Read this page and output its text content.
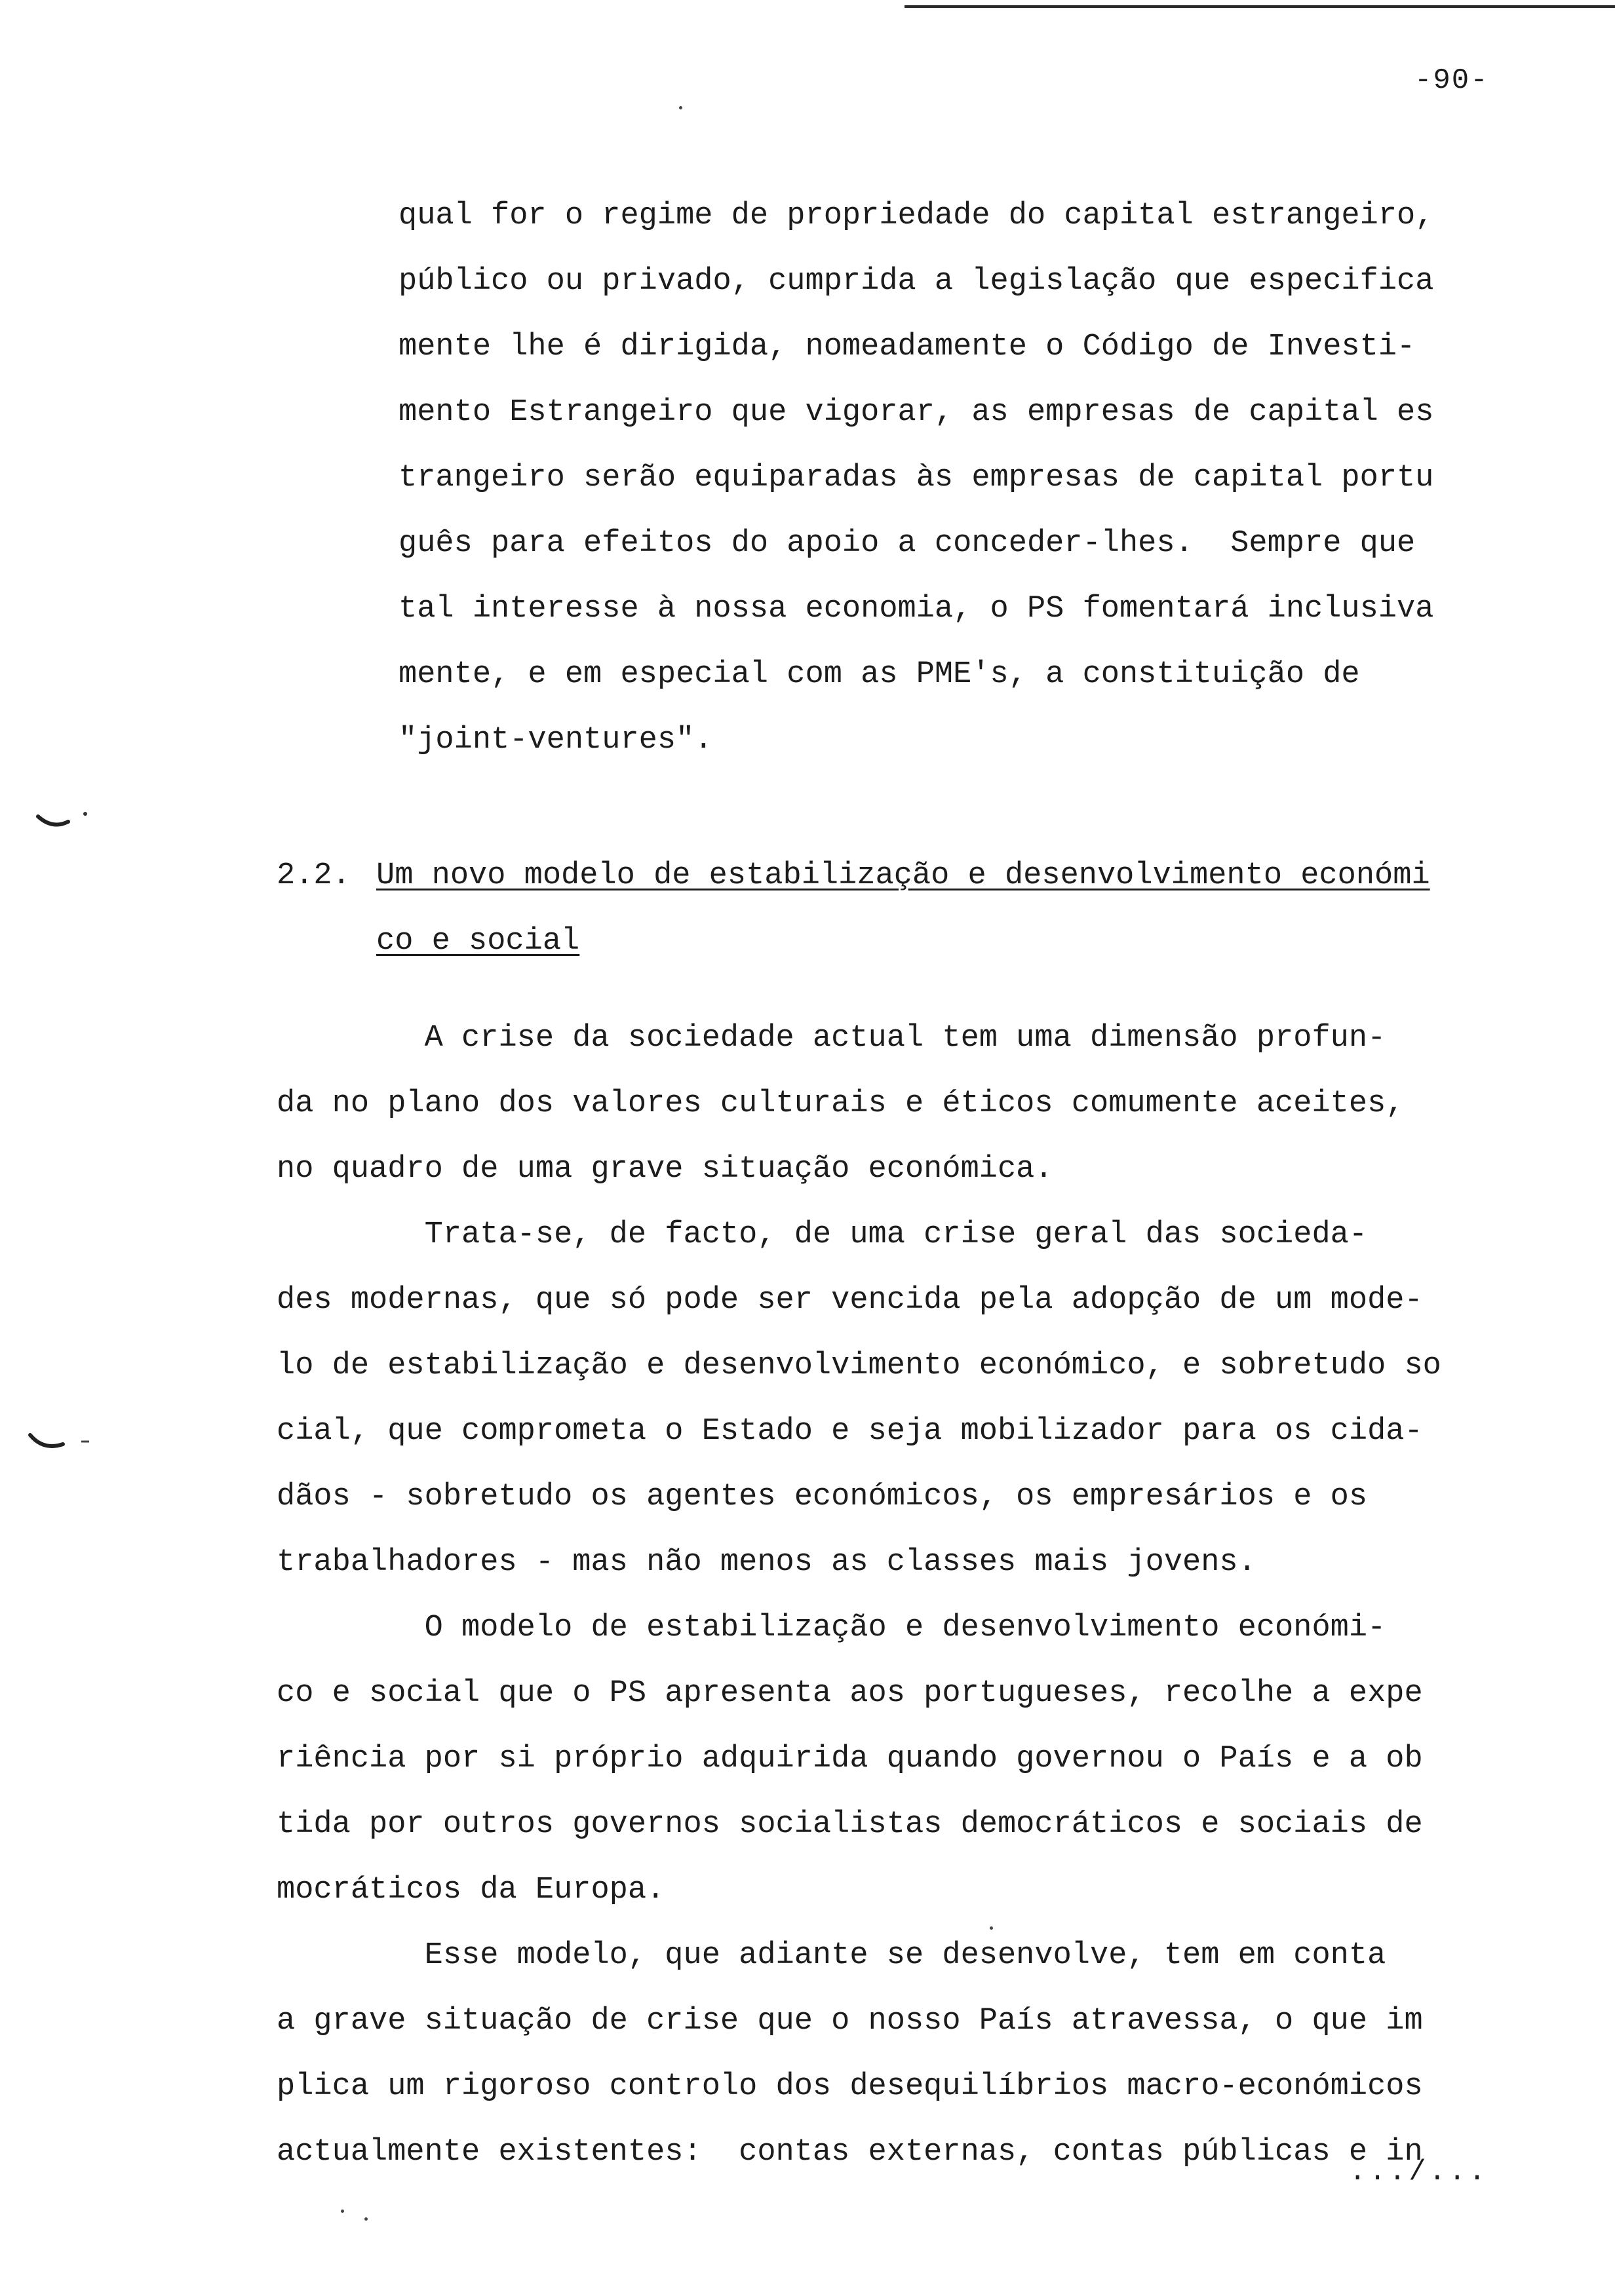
-90-
qual for o regime de propriedade do capital estrangeiro,
público ou privado, cumprida a legislação que especifica
mente lhe é dirigida, nomeadamente o Código de Investi-
mento Estrangeiro que vigorar, as empresas de capital es
trangeiro serão equiparadas às empresas de capital portu
guês para efeitos do apoio a conceder-lhes.  Sempre que
tal interesse à nossa economia, o PS fomentará inclusiva
mente, e em especial com as PME's, a constituição de
"joint-ventures".
2.2. Um novo modelo de estabilização e desenvolvimento económi
co e social
A crise da sociedade actual tem uma dimensão profun-
da no plano dos valores culturais e éticos comumente aceites,
no quadro de uma grave situação económica.
Trata-se, de facto, de uma crise geral das socieda-
des modernas, que só pode ser vencida pela adopção de um mode-
lo de estabilização e desenvolvimento económico, e sobretudo so
cial, que comprometa o Estado e seja mobilizador para os cida-
dãos - sobretudo os agentes económicos, os empresários e os
trabalhadores - mas não menos as classes mais jovens.
O modelo de estabilização e desenvolvimento económi-
co e social que o PS apresenta aos portugueses, recolhe a expe
riência por si próprio adquirida quando governou o País e a ob
tida por outros governos socialistas democráticos e sociais de
mocráticos da Europa.
Esse modelo, que adiante se desenvolve, tem em conta
a grave situação de crise que o nosso País atravessa, o que im
plica um rigoroso controlo dos desequilíbrios macro-económicos
actualmente existentes:  contas externas, contas públicas e in
.../...
